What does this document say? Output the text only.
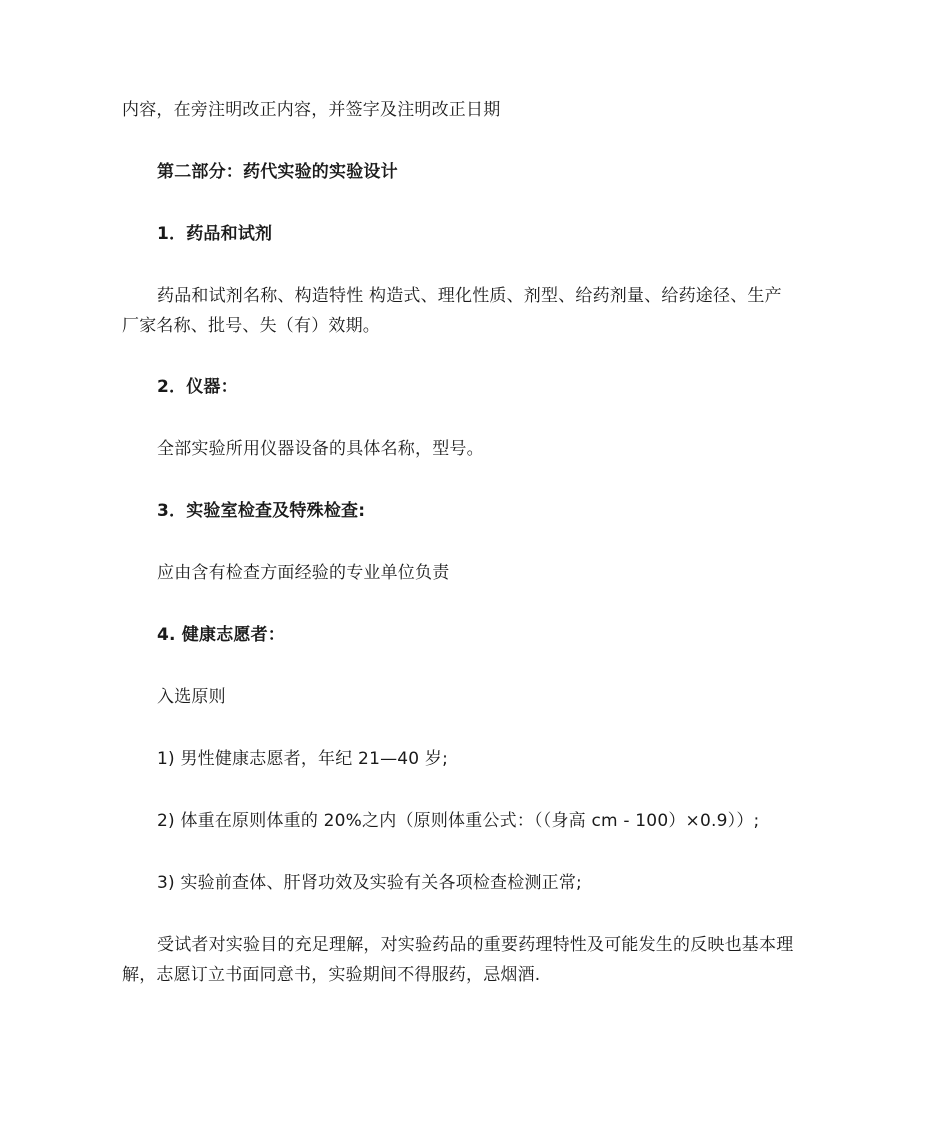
内容，在旁注明改正内容，并签字及注明改正日期
第二部分：药代实验的实验设计
1．药品和试剂
药品和试剂名称、构造特性 构造式、理化性质、剂型、给药剂量、给药途径、生产
厂家名称、批号、失（有）效期。
2．仪器：
全部实验所用仪器设备的具体名称，型号。
3．实验室检查及特殊检查:
应由含有检查方面经验的专业单位负责
4. 健康志愿者：
入选原则
1) 男性健康志愿者，年纪 21—40 岁;
2) 体重在原则体重的 20%之内（原则体重公式：（（身高 cm - 100）×0.9））;
3) 实验前查体、肝肾功效及实验有关各项检查检测正常;
受试者对实验目的充足理解，对实验药品的重要药理特性及可能发生的反映也基本理
解，志愿订立书面同意书，实验期间不得服药，忌烟酒.
